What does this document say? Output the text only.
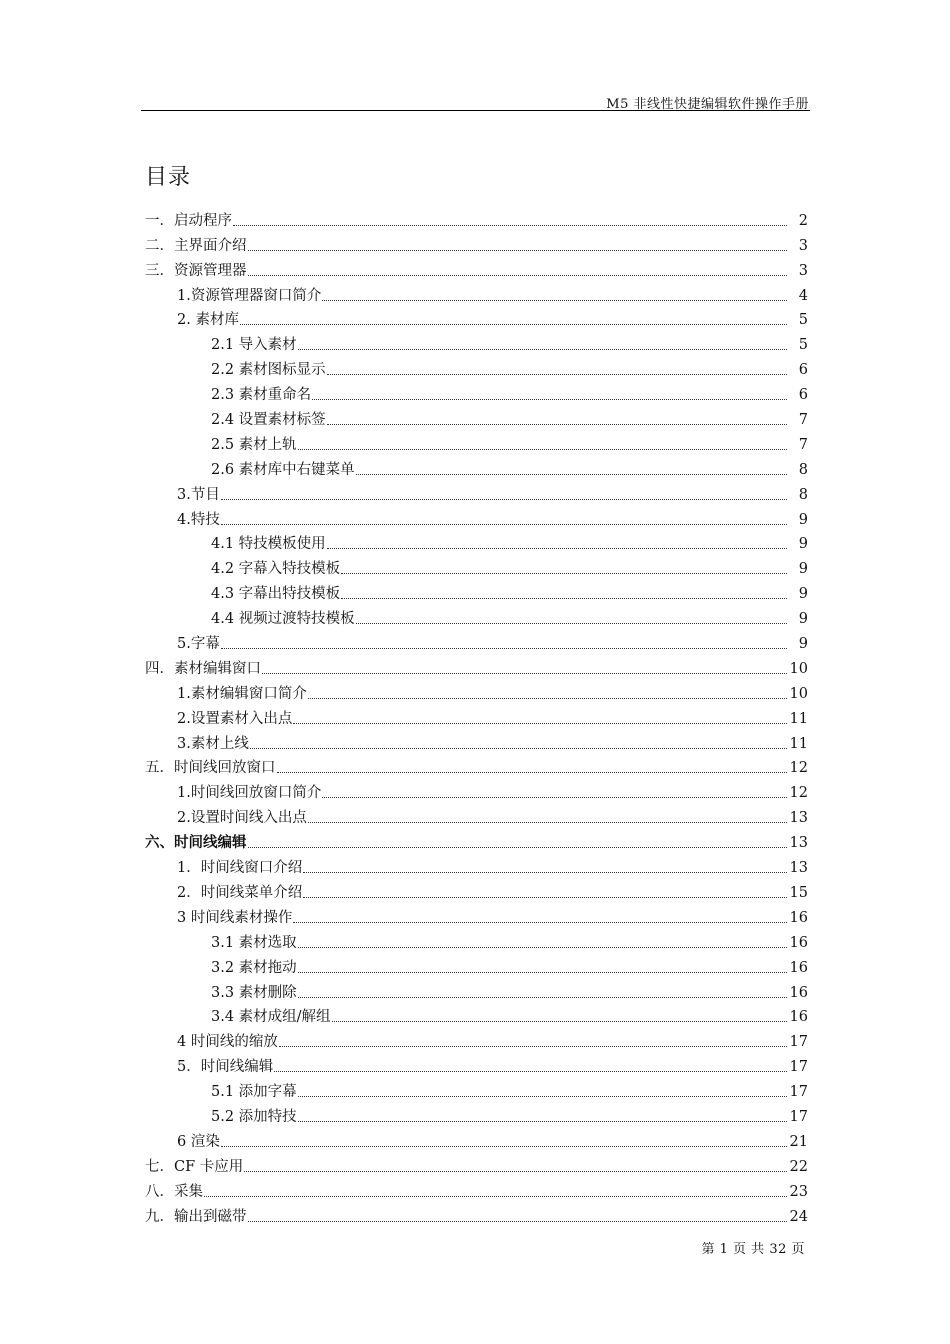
M5 非线性快捷编辑软件操作手册
目录
一．启动程序	2
二．主界面介绍	3
三．资源管理器	3
1.资源管理器窗口简介	4
2. 素材库	5
2.1 导入素材	5
2.2 素材图标显示	6
2.3 素材重命名	6
2.4 设置素材标签	7
2.5 素材上轨	7
2.6 素材库中右键菜单	8
3.节目	8
4.特技	9
4.1 特技模板使用	9
4.2 字幕入特技模板	9
4.3 字幕出特技模板	9
4.4 视频过渡特技模板	9
5.字幕	9
四．素材编辑窗口	10
1.素材编辑窗口简介	10
2.设置素材入出点	11
3.素材上线	11
五．时间线回放窗口	12
1.时间线回放窗口简介	12
2.设置时间线入出点	13
六、时间线编辑	13
1．时间线窗口介绍	13
2．时间线菜单介绍	15
3 时间线素材操作	16
3.1 素材选取	16
3.2 素材拖动	16
3.3 素材删除	16
3.4 素材成组/解组	16
4 时间线的缩放	17
5．时间线编辑	17
5.1 添加字幕	17
5.2 添加特技	17
6 渲染	21
七．CF 卡应用	22
八．采集	23
九．输出到磁带	24
第 1 页 共 32 页
